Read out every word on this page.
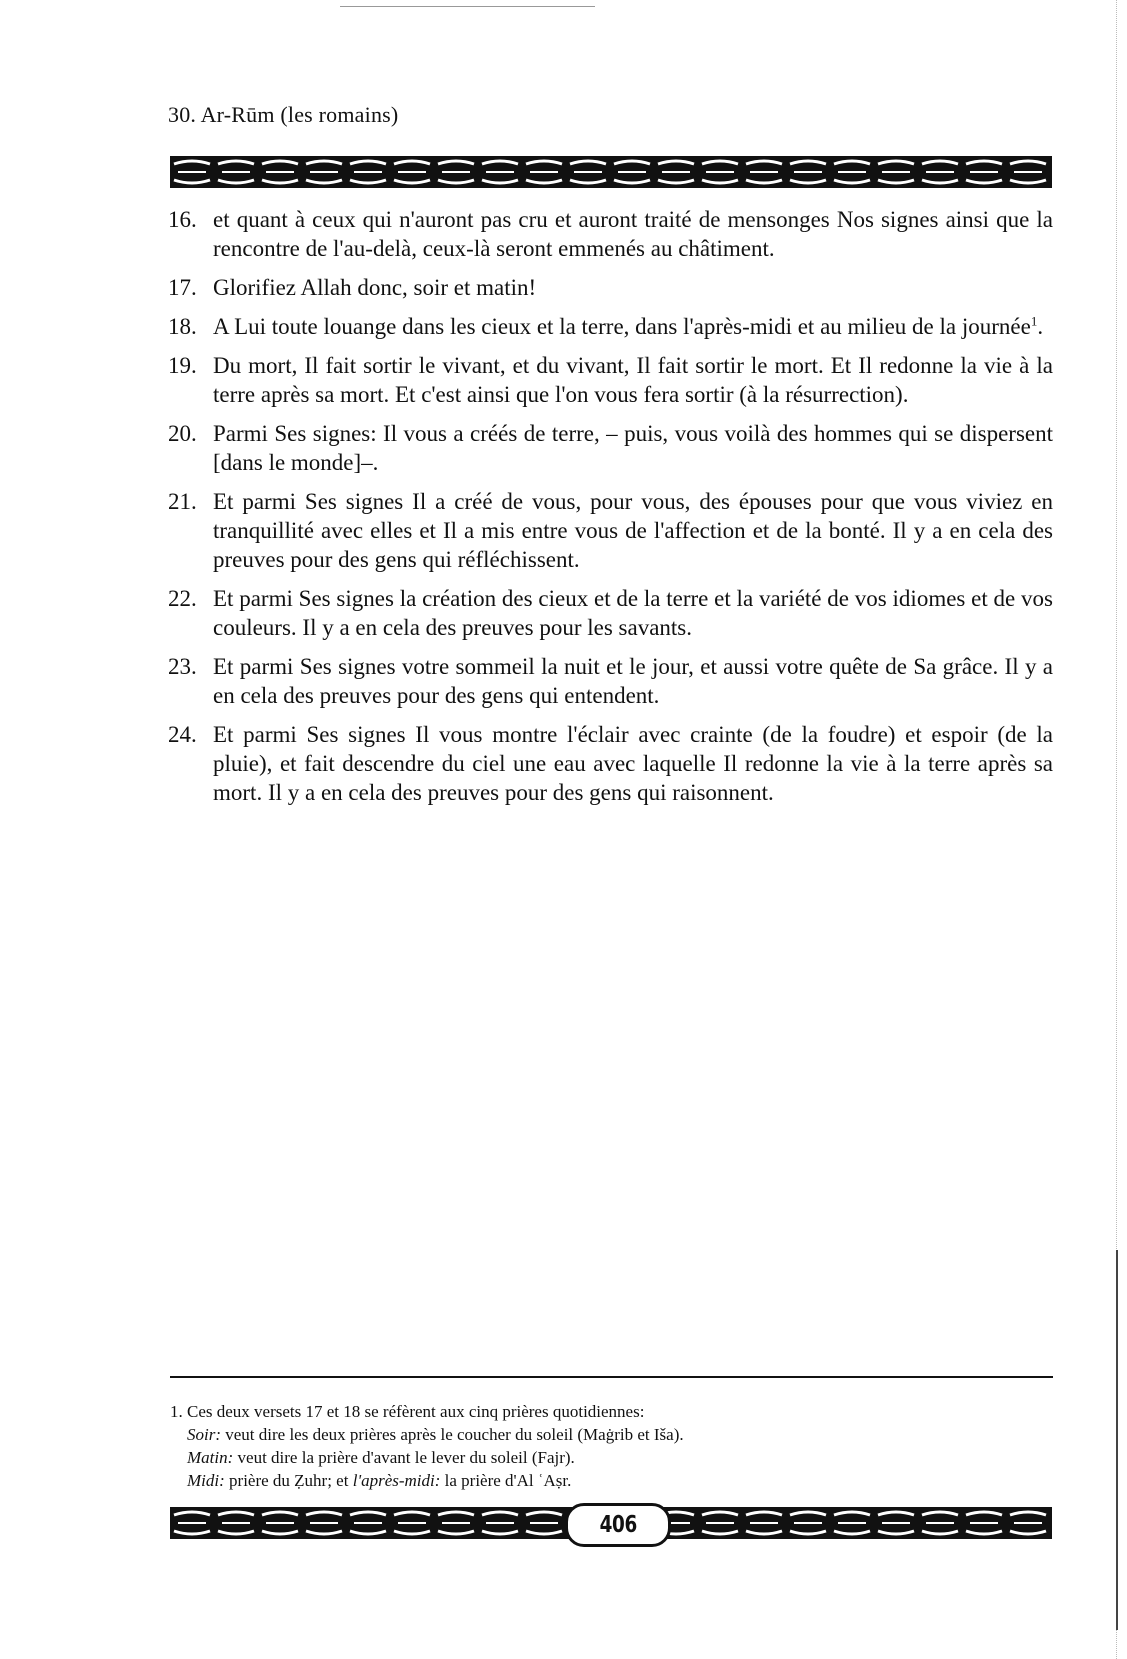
30. Ar-Rūm (les romains)
16. et quant à ceux qui n'auront pas cru et auront traité de mensonges Nos signes ainsi que la rencontre de l'au-delà, ceux-là seront emmenés au châtiment.
17. Glorifiez Allah donc, soir et matin!
18. A Lui toute louange dans les cieux et la terre, dans l'après-midi et au milieu de la journée$^1$.
19. Du mort, Il fait sortir le vivant, et du vivant, Il fait sortir le mort. Et Il redonne la vie à la terre après sa mort. Et c'est ainsi que l'on vous fera sortir (à la résurrection).
20. Parmi Ses signes: Il vous a créés de terre, – puis, vous voilà des hommes qui se dispersent [dans le monde]–.
21. Et parmi Ses signes Il a créé de vous, pour vous, des épouses pour que vous viviez en tranquillité avec elles et Il a mis entre vous de l'affection et de la bonté. Il y a en cela des preuves pour des gens qui réfléchissent.
22. Et parmi Ses signes la création des cieux et de la terre et la variété de vos idiomes et de vos couleurs. Il y a en cela des preuves pour les savants.
23. Et parmi Ses signes votre sommeil la nuit et le jour, et aussi votre quête de Sa grâce. Il y a en cela des preuves pour des gens qui entendent.
24. Et parmi Ses signes Il vous montre l'éclair avec crainte (de la foudre) et espoir (de la pluie), et fait descendre du ciel une eau avec laquelle Il redonne la vie à la terre après sa mort. Il y a en cela des preuves pour des gens qui raisonnent.
1. Ces deux versets 17 et 18 se réfèrent aux cinq prières quotidiennes:
Soir: veut dire les deux prières après le coucher du soleil (Maġrib et Iša).
Matin: veut dire la prière d'avant le lever du soleil (Fajr).
Midi: prière du Ẓuhr; et l'après-midi: la prière d'Al ʿAṣr.
406
